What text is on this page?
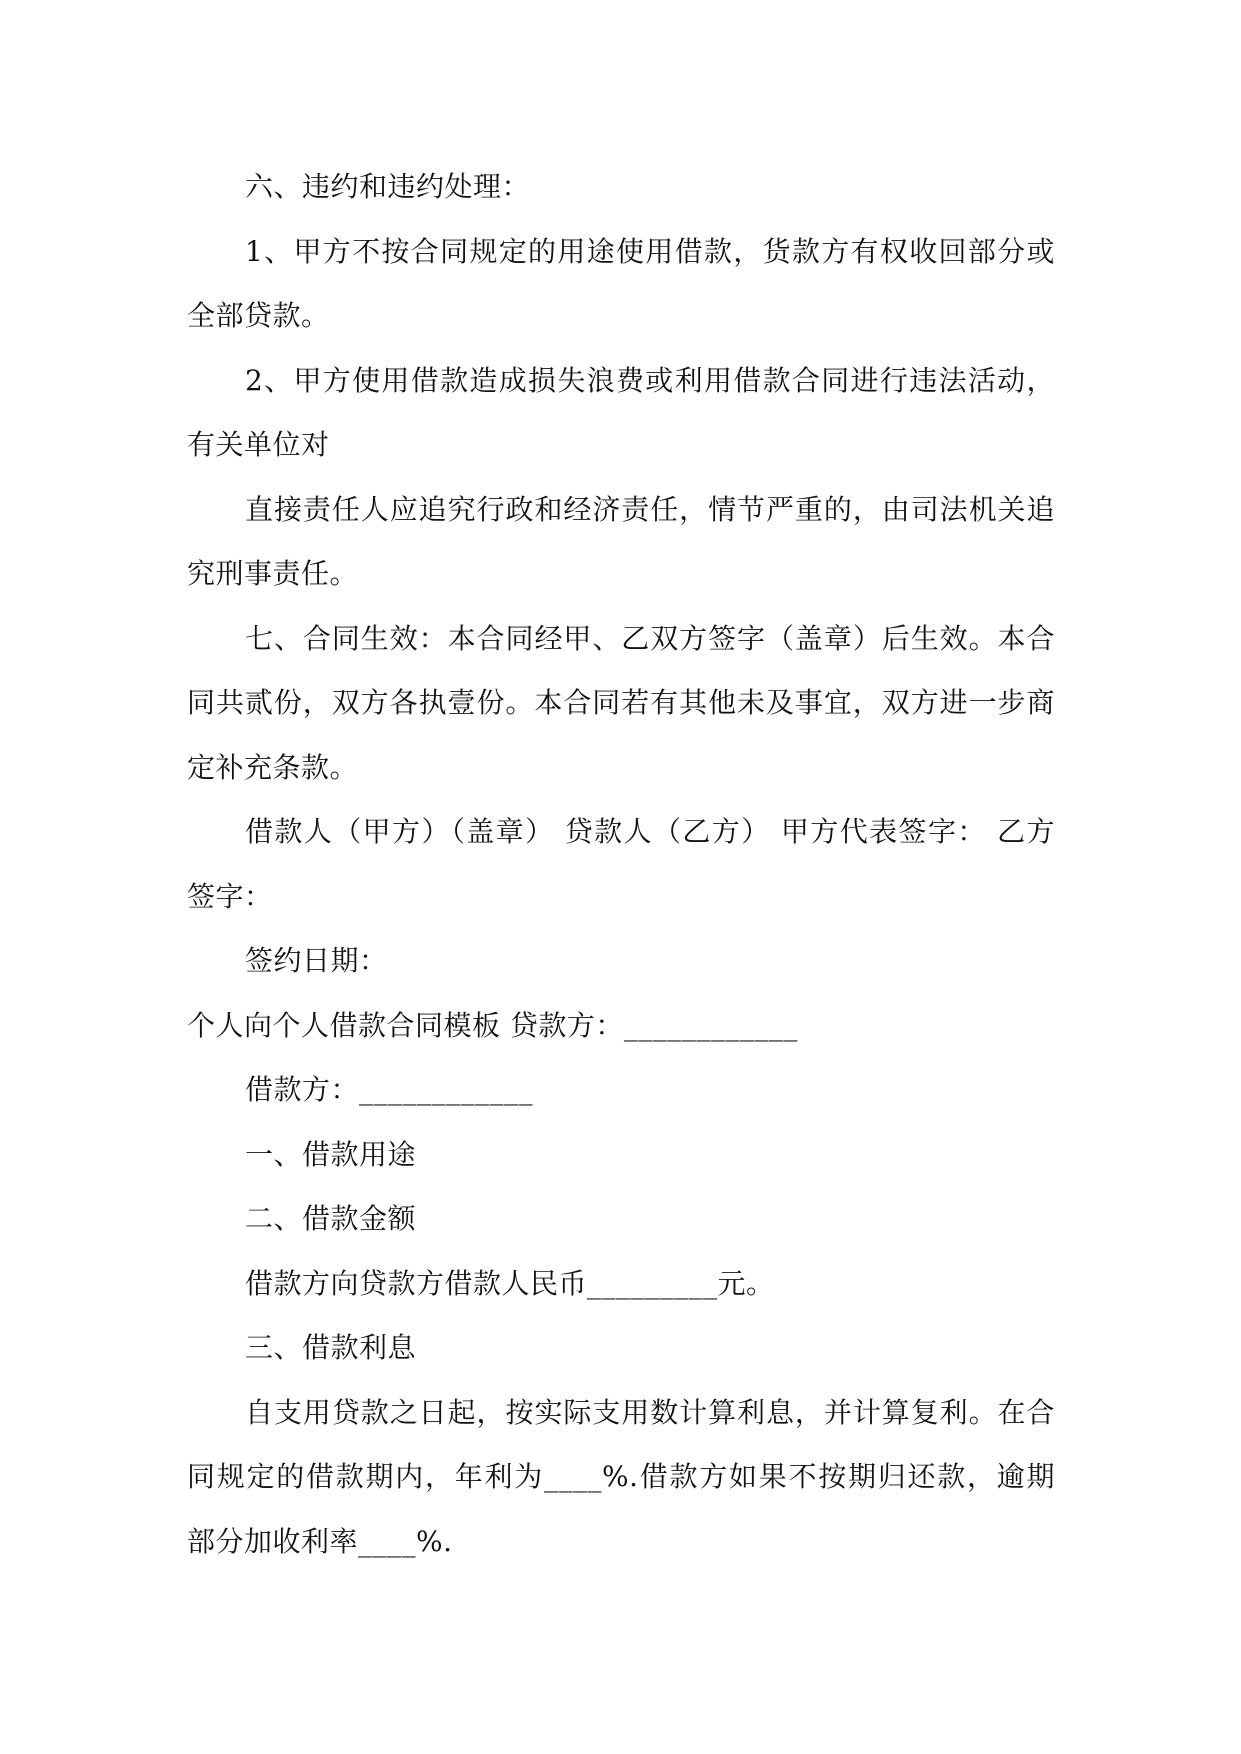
六、违约和违约处理：
1、甲方不按合同规定的用途使用借款，货款方有权收回部分或
全部贷款。
2、甲方使用借款造成损失浪费或利用借款合同进行违法活动，
有关单位对
直接责任人应追究行政和经济责任，情节严重的，由司法机关追
究刑事责任。
七、合同生效：本合同经甲、乙双方签字（盖章）后生效。本合
同共贰份，双方各执壹份。本合同若有其他未及事宜，双方进一步商
定补充条款。
借款人（甲方）（盖章） 贷款人（乙方） 甲方代表签字： 乙方
签字：
签约日期：
个人向个人借款合同模板 贷款方：____________
借款方：____________
一、借款用途
二、借款金额
借款方向贷款方借款人民币_________元。
三、借款利息
自支用贷款之日起，按实际支用数计算利息，并计算复利。在合
同规定的借款期内，年利为____%.借款方如果不按期归还款，逾期
部分加收利率____%.
